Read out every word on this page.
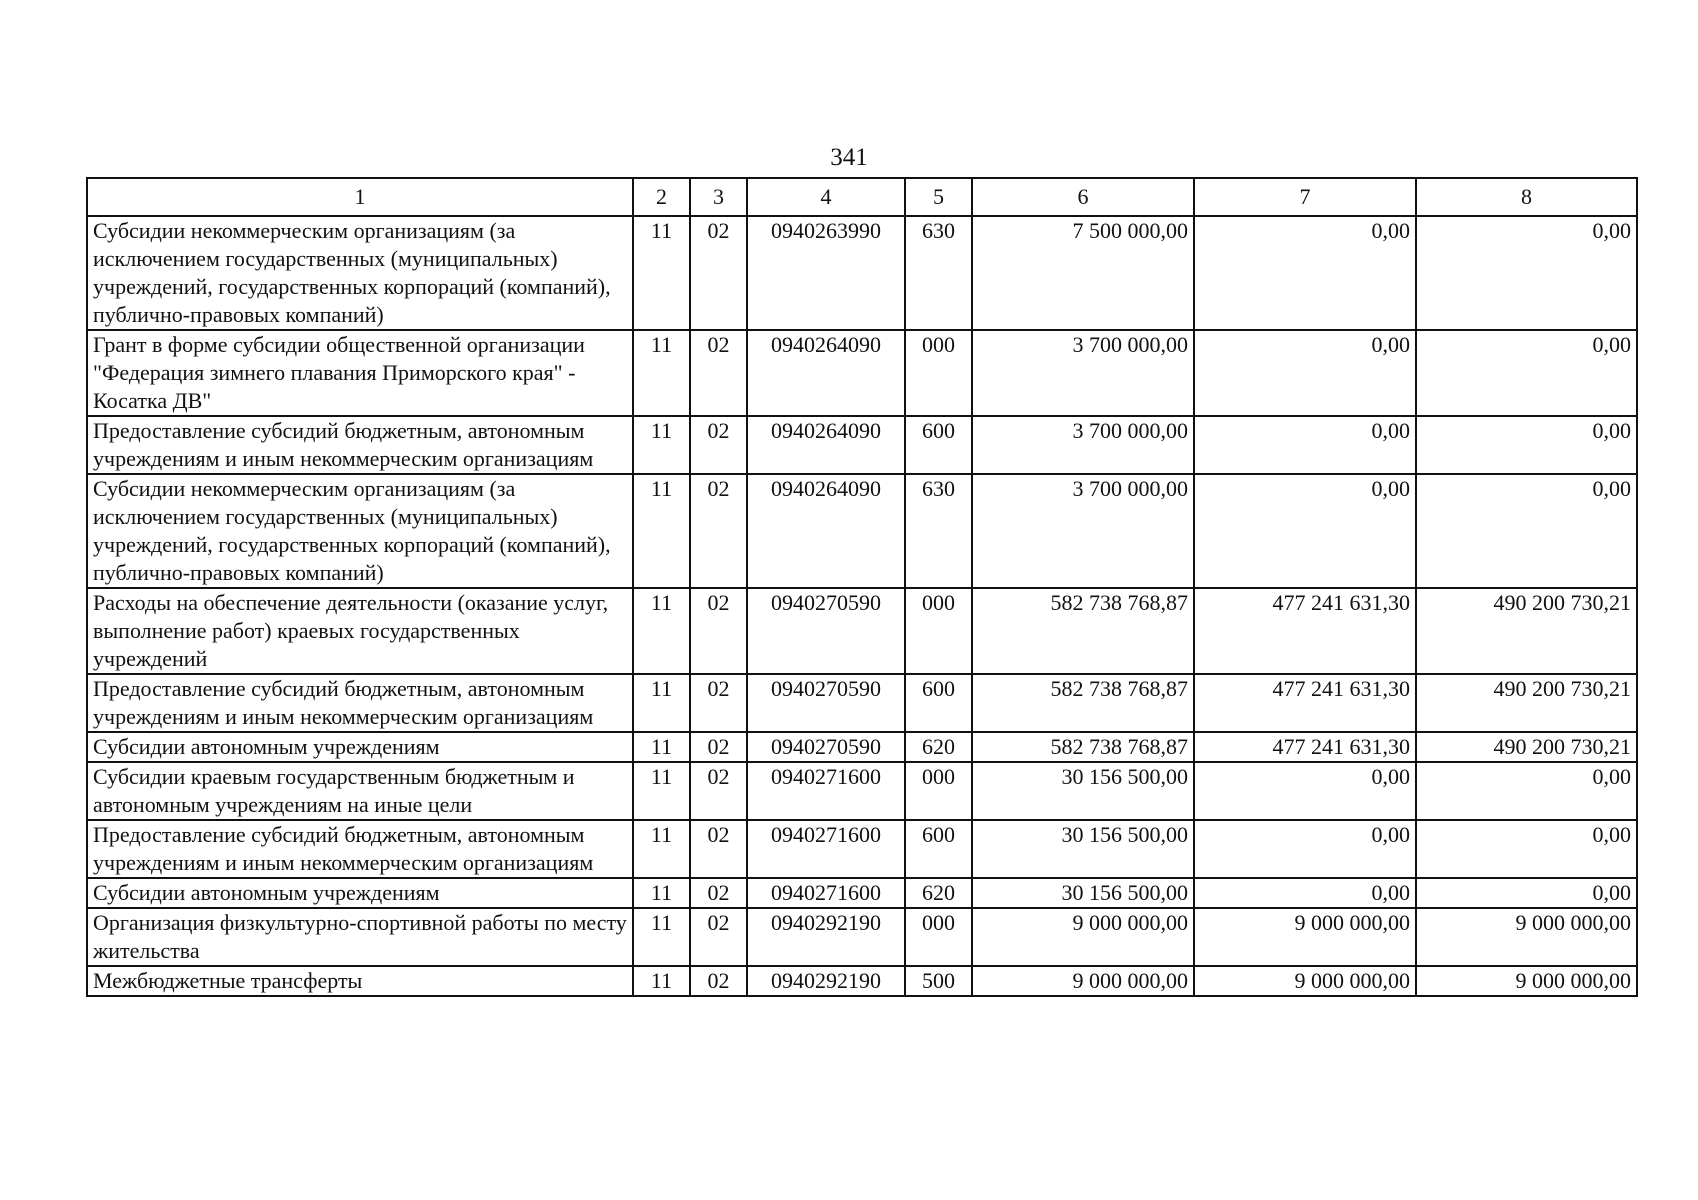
341
1	2	3	4	5	6	7	8
Субсидии некоммерческим организациям (за исключением государственных (муниципальных) учреждений, государственных корпораций (компаний), публично-правовых компаний)	11	02	0940263990	630	7 500 000,00	0,00	0,00
Грант в форме субсидии общественной организации "Федерация зимнего плавания Приморского края" - Косатка ДВ"	11	02	0940264090	000	3 700 000,00	0,00	0,00
Предоставление субсидий бюджетным, автономным учреждениям и иным некоммерческим организациям	11	02	0940264090	600	3 700 000,00	0,00	0,00
Субсидии некоммерческим организациям (за исключением государственных (муниципальных) учреждений, государственных корпораций (компаний), публично-правовых компаний)	11	02	0940264090	630	3 700 000,00	0,00	0,00
Расходы на обеспечение деятельности (оказание услуг, выполнение работ) краевых государственных учреждений	11	02	0940270590	000	582 738 768,87	477 241 631,30	490 200 730,21
Предоставление субсидий бюджетным, автономным учреждениям и иным некоммерческим организациям	11	02	0940270590	600	582 738 768,87	477 241 631,30	490 200 730,21
Субсидии автономным учреждениям	11	02	0940270590	620	582 738 768,87	477 241 631,30	490 200 730,21
Субсидии краевым государственным бюджетным и автономным учреждениям на иные цели	11	02	0940271600	000	30 156 500,00	0,00	0,00
Предоставление субсидий бюджетным, автономным учреждениям и иным некоммерческим организациям	11	02	0940271600	600	30 156 500,00	0,00	0,00
Субсидии автономным учреждениям	11	02	0940271600	620	30 156 500,00	0,00	0,00
Организация физкультурно-спортивной работы по месту жительства	11	02	0940292190	000	9 000 000,00	9 000 000,00	9 000 000,00
Межбюджетные трансферты	11	02	0940292190	500	9 000 000,00	9 000 000,00	9 000 000,00
